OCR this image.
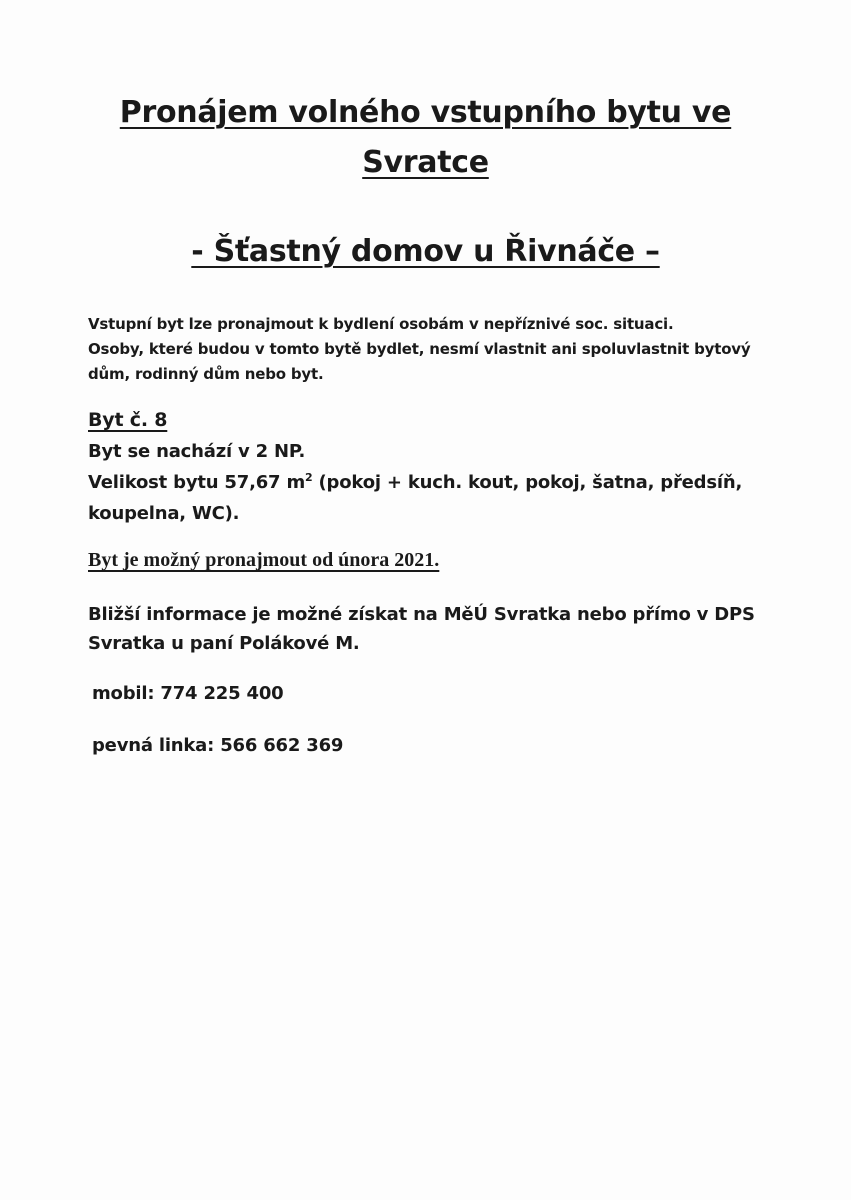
Pronájem volného vstupního bytu ve
Svratce
- Šťastný domov u Řivnáče –

Vstupní byt lze pronajmout k bydlení osobám v nepříznivé soc. situaci.

Osoby, které budou v tomto bytě bydlet, nesmí vlastnit ani spoluvlastnit bytový

dům, rodinný dům nebo byt.

Byt č. 8

Byt se nachází v 2 NP.

Velikost bytu 57,67 $m^2$ (pokoj + kuch. kout, pokoj, šatna, předsíň,

koupelna, WC).

Byt je možný pronajmout od února 2021.

Bližší informace je možné získat na MěÚ Svratka nebo přímo v DPS

Svratka u paní Polákové M.

mobil: 774 225 400
pevná linka: 566 662 369
